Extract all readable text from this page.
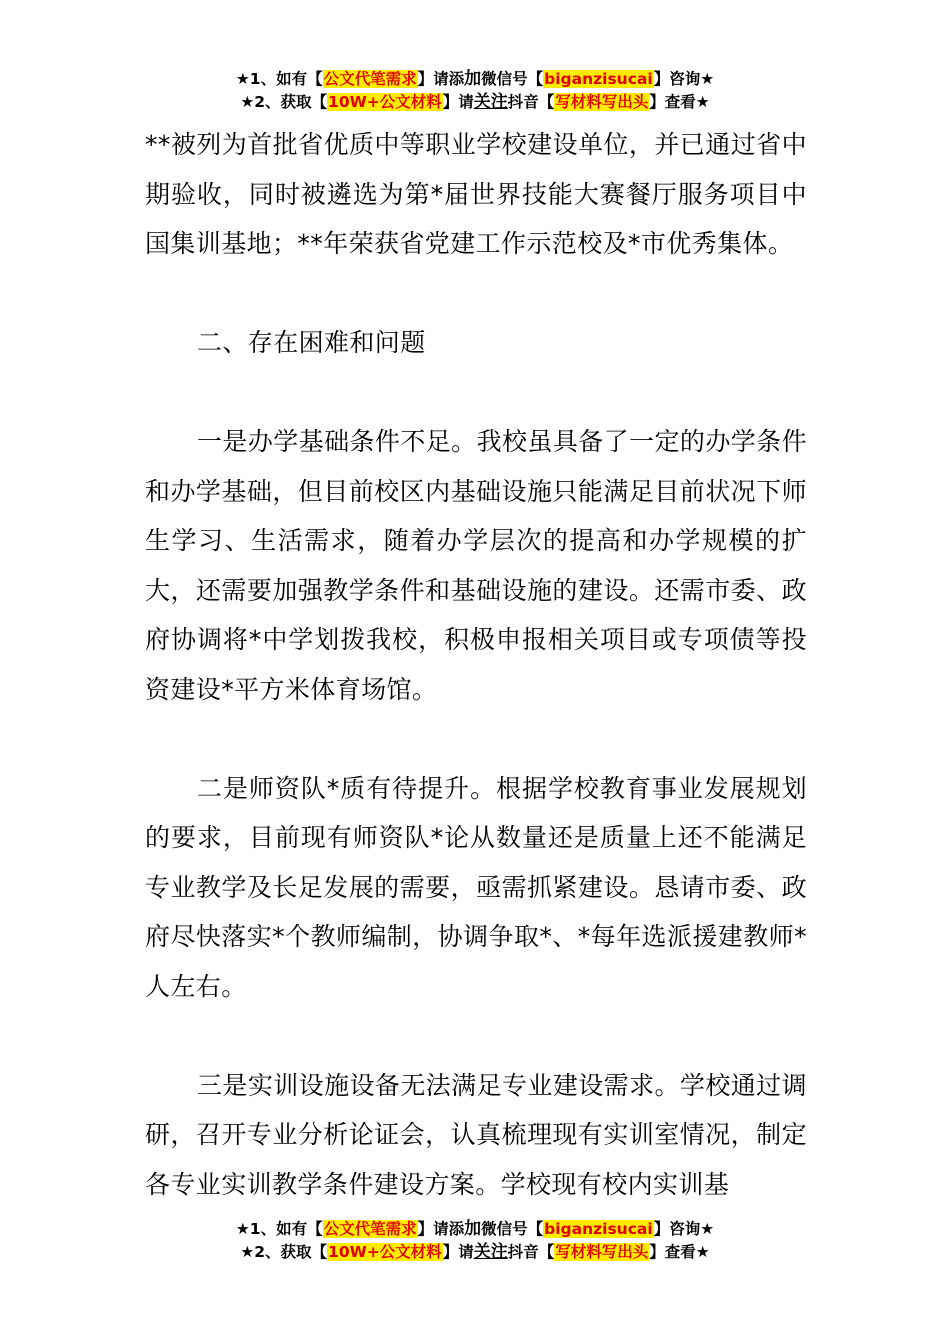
★1、如有【公文代笔需求】请添加微信号【biganzisucai】咨询★
★2、获取【10W+公文材料】请关注抖音【写材料写出头】查看★

**被列为首批省优质中等职业学校建设单位，并已通过省中期验收，同时被遴选为第*届世界技能大赛餐厅服务项目中国集训基地；**年荣获省党建工作示范校及*市优秀集体。

二、存在困难和问题

一是办学基础条件不足。我校虽具备了一定的办学条件和办学基础，但目前校区内基础设施只能满足目前状况下师生学习、生活需求，随着办学层次的提高和办学规模的扩大，还需要加强教学条件和基础设施的建设。还需市委、政府协调将*中学划拨我校，积极申报相关项目或专项债等投资建设*平方米体育场馆。

二是师资队*质有待提升。根据学校教育事业发展规划的要求，目前现有师资队*论从数量还是质量上还不能满足专业教学及长足发展的需要，亟需抓紧建设。恳请市委、政府尽快落实*个教师编制，协调争取*、*每年选派援建教师*人左右。

三是实训设施设备无法满足专业建设需求。学校通过调研，召开专业分析论证会，认真梳理现有实训室情况，制定各专业实训教学条件建设方案。学校现有校内实训基

★1、如有【公文代笔需求】请添加微信号【biganzisucai】咨询★
★2、获取【10W+公文材料】请关注抖音【写材料写出头】查看★
